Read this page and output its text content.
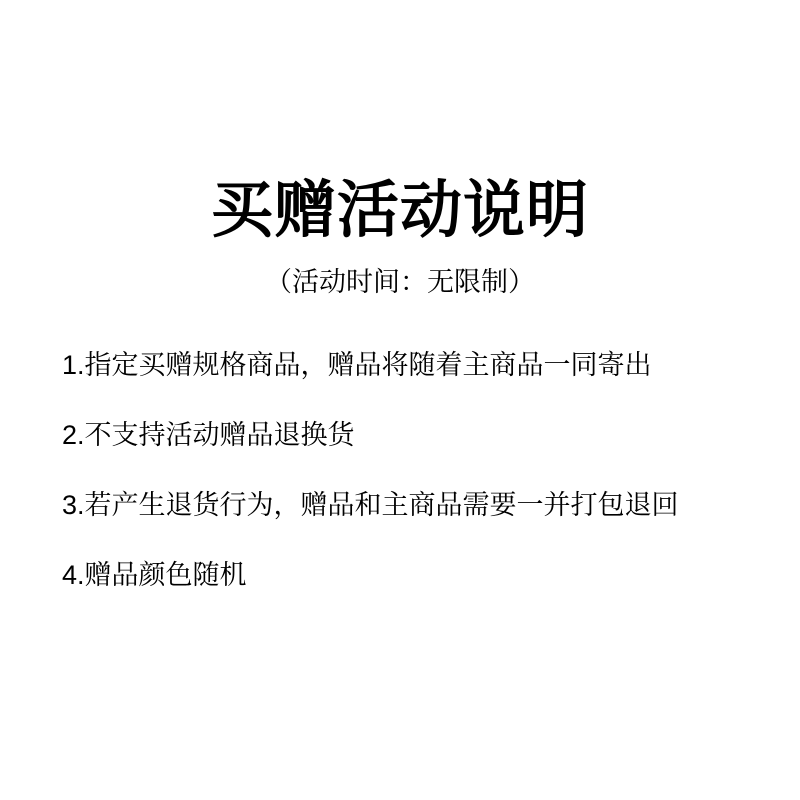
买赠活动说明
（活动时间：无限制）
1.指定买赠规格商品，赠品将随着主商品一同寄出
2.不支持活动赠品退换货
3.若产生退货行为，赠品和主商品需要一并打包退回
4.赠品颜色随机
